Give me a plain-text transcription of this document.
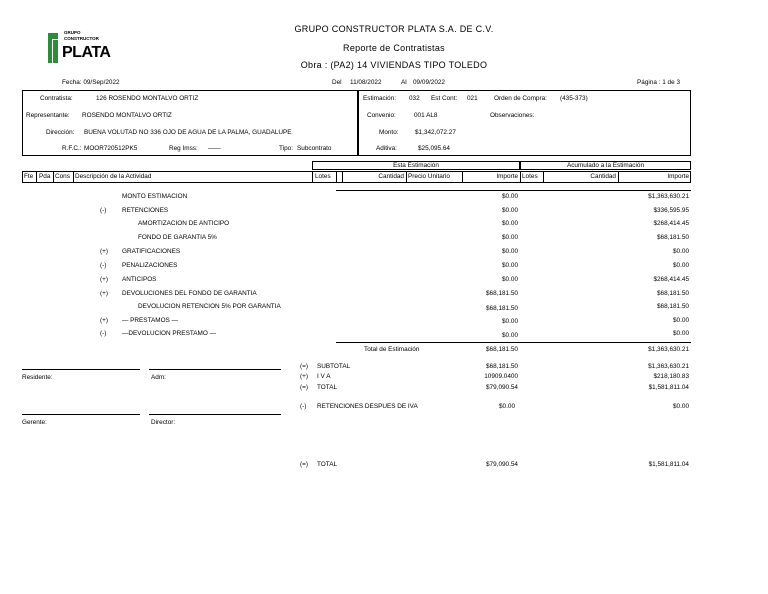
GRUPO
CONSTRUCTOR
PLATA
GRUPO CONSTRUCTOR PLATA S.A. DE C.V.
Reporte de Contratistas
Obra : (PA2) 14 VIVIENDAS TIPO TOLEDO
Fecha: 09/Sep/2022	Del 11/08/2022	Al 09/09/2022	Página : 1 de 3
Contratista:	126 ROSENDO MONTALVO ORTIZ
Representante: ROSENDO MONTALVO ORTIZ
Dirección: BUENA VOLUTAD NO 336 OJO DE AGUA DE LA PALMA, GUADALUPE
R.F.C.: MOOR720512PK5	Reg Imss: ——	Tipo: Subcontrato
Estimación: 032 Est Cont: 021	Orden de Compra: (435-373)
Convenio:	001 AL8	Observaciones:
Monto:	$1,342,072.27
Aditiva:	$25,095.64
Esta Estimación	Acumulado a la Estimación
Fte Pda Cons Descripción de la Actividad	Lotes	Cantidad Precio Unitario	Importe Lotes	Cantidad	Importe
MONTO ESTIMACION	$0.00	$1,363,630.21
(-) RETENCIONES	$0.00	$336,595.95
AMORTIZACION DE ANTICIPO	$0.00	$268,414.45
FONDO DE GARANTIA 5%	$0.00	$68,181.50
(+) GRATIFICACIONES	$0.00	$0.00
(-) PENALIZACIONES	$0.00	$0.00
(+) ANTICIPOS	$0.00	$268,414.45
(+) DEVOLUCIONES DEL FONDO DE GARANTIA	$68,181.50	$68,181.50
DEVOLUCION RETENCION 5% POR GARANTIA	$68,181.50	$68,181.50
(+) — PRESTAMOS —	$0.00	$0.00
(-) —DEVOLUCION PRESTAMO —	$0.00	$0.00
Total de Estimación	$68,181.50	$1,363,630.21
Residente:	Adm:
Gerente:	Director:
(=) SUBTOTAL	$68,181.50	$1,363,630.21
(+) I V A	10909.0400	$218,180.83
(=) TOTAL	$79,090.54	$1,581,811.04
(-) RETENCIONES DESPUES DE IVA	$0.00	$0.00
(=) TOTAL	$79,090.54	$1,581,811.04
